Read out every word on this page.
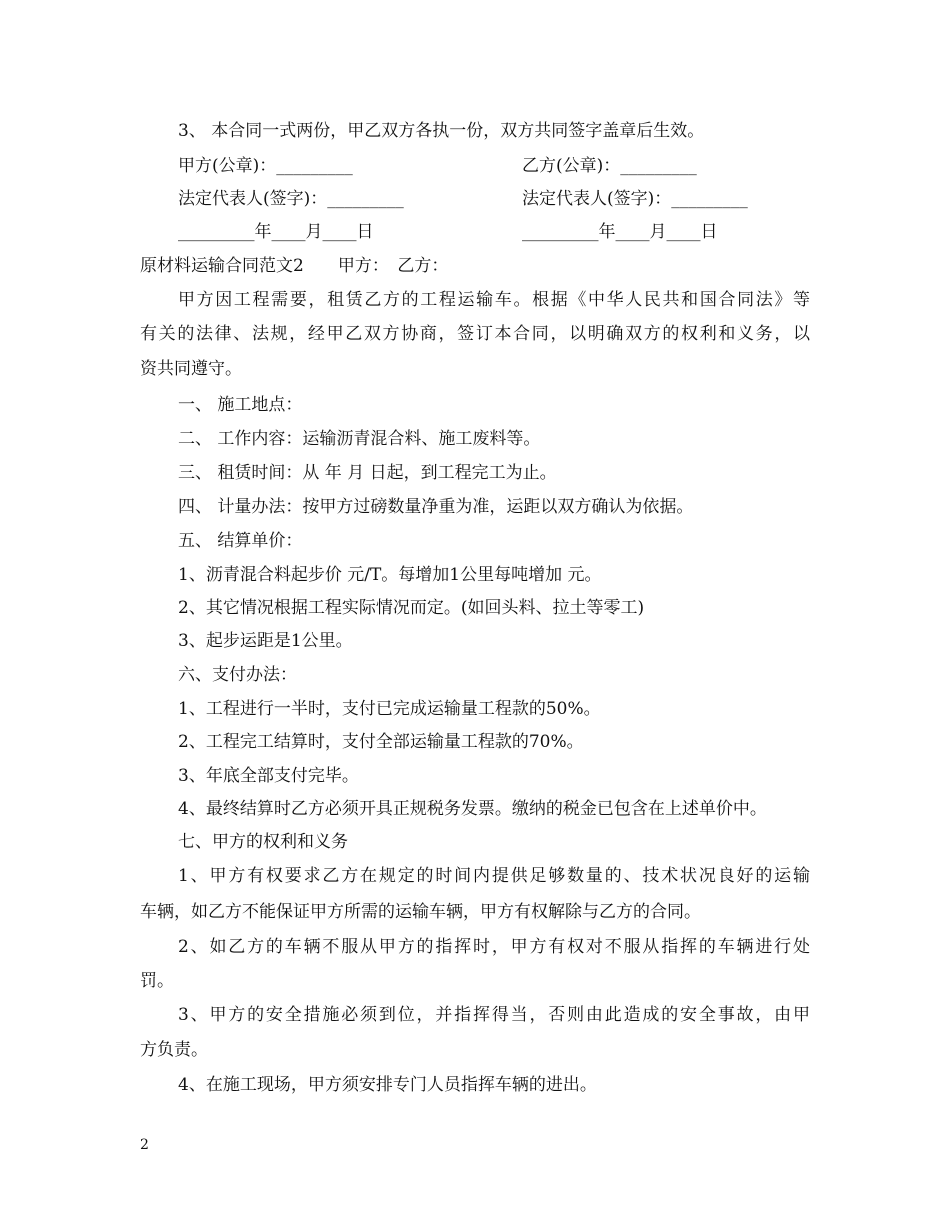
3、 本合同一式两份，甲乙双方各执一份，双方共同签字盖章后生效。
甲方(公章)：_________	乙方(公章)：_________
法定代表人(签字)：_________	法定代表人(签字)：_________
_________年____月____日	_________年____月____日
原材料运输合同范文2　　甲方：　乙方：
甲方因工程需要，租赁乙方的工程运输车。根据《中华人民共和国合同法》等
有关的法律、法规，经甲乙双方协商，签订本合同，以明确双方的权利和义务，以
资共同遵守。
一、 施工地点：
二、 工作内容：运输沥青混合料、施工废料等。
三、 租赁时间：从 年 月 日起，到工程完工为止。
四、 计量办法：按甲方过磅数量净重为准，运距以双方确认为依据。
五、 结算单价：
1、沥青混合料起步价 元/T。每增加1公里每吨增加 元。
2、其它情况根据工程实际情况而定。(如回头料、拉土等零工)
3、起步运距是1公里。
六、支付办法：
1、工程进行一半时，支付已完成运输量工程款的50%。
2、工程完工结算时，支付全部运输量工程款的70%。
3、年底全部支付完毕。
4、最终结算时乙方必须开具正规税务发票。缴纳的税金已包含在上述单价中。
七、甲方的权利和义务
1、甲方有权要求乙方在规定的时间内提供足够数量的、技术状况良好的运输
车辆，如乙方不能保证甲方所需的运输车辆，甲方有权解除与乙方的合同。
2、如乙方的车辆不服从甲方的指挥时，甲方有权对不服从指挥的车辆进行处
罚。
3、甲方的安全措施必须到位，并指挥得当，否则由此造成的安全事故，由甲
方负责。
4、在施工现场，甲方须安排专门人员指挥车辆的进出。
2
